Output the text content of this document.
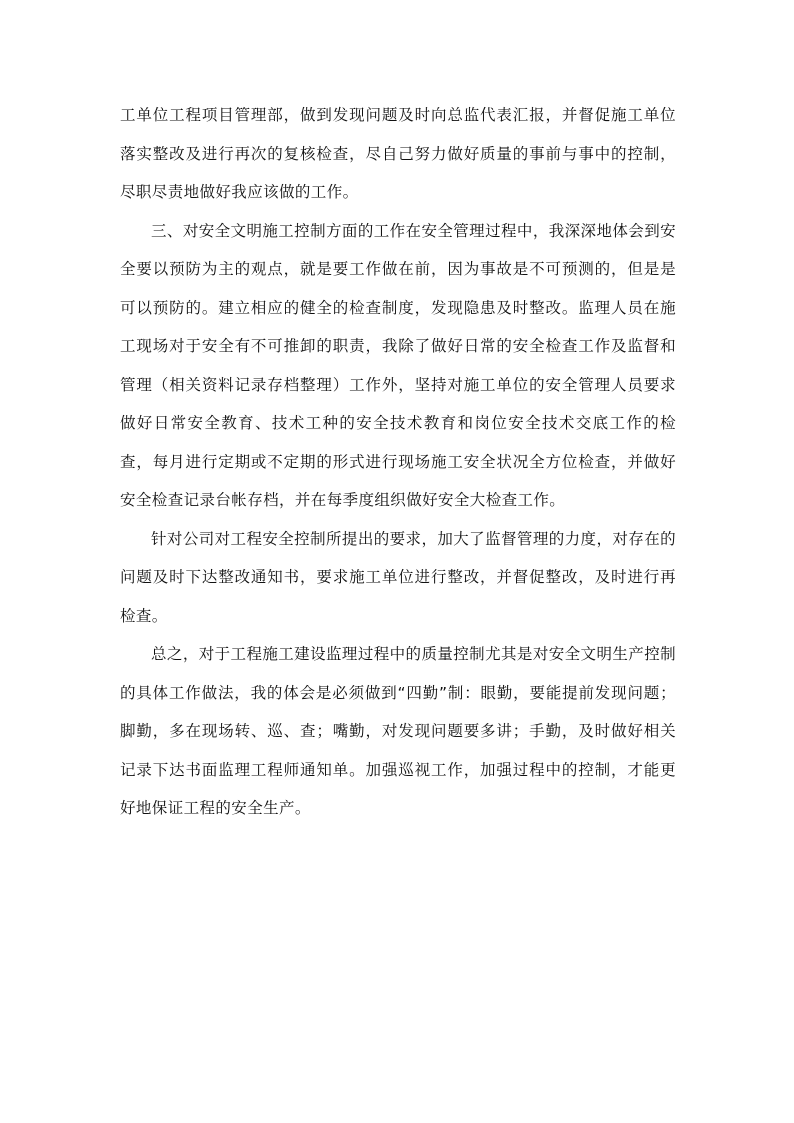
工单位工程项目管理部，做到发现问题及时向总监代表汇报，并督促施工单位落实整改及进行再次的复核检查，尽自己努力做好质量的事前与事中的控制，尽职尽责地做好我应该做的工作。

三、对安全文明施工控制方面的工作在安全管理过程中，我深深地体会到安全要以预防为主的观点，就是要工作做在前，因为事故是不可预测的，但是是可以预防的。建立相应的健全的检查制度，发现隐患及时整改。监理人员在施工现场对于安全有不可推卸的职责，我除了做好日常的安全检查工作及监督和管理（相关资料记录存档整理）工作外，坚持对施工单位的安全管理人员要求做好日常安全教育、技术工种的安全技术教育和岗位安全技术交底工作的检查，每月进行定期或不定期的形式进行现场施工安全状况全方位检查，并做好安全检查记录台帐存档，并在每季度组织做好安全大检查工作。

针对公司对工程安全控制所提出的要求，加大了监督管理的力度，对存在的问题及时下达整改通知书，要求施工单位进行整改，并督促整改，及时进行再检查。

总之，对于工程施工建设监理过程中的质量控制尤其是对安全文明生产控制的具体工作做法，我的体会是必须做到“四勤”制：眼勤，要能提前发现问题；脚勤，多在现场转、巡、查；嘴勤，对发现问题要多讲；手勤，及时做好相关记录下达书面监理工程师通知单。加强巡视工作，加强过程中的控制，才能更好地保证工程的安全生产。
